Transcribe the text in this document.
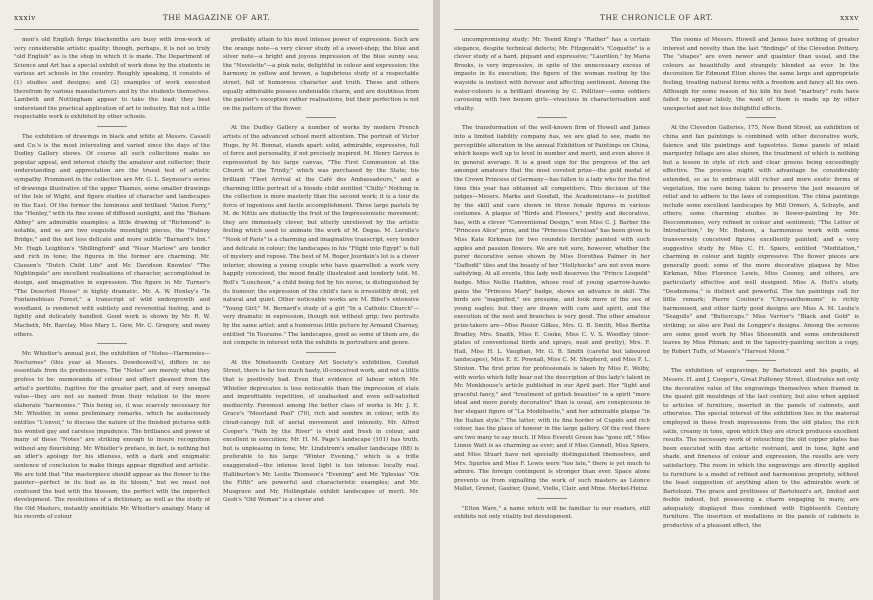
xxxiv	THE MAGAZINE OF ART.

mon's old English forge blacksmiths are busy with iron-work of very considerable artistic quality; though, perhaps, it is not so truly "old English" as is the shop in which it is made. The Department of Science and Art has a special exhibit of work done by the students in various art schools in the country. Roughly speaking, it consists of (1) studies and designs; and (2) examples of work executed therefrom by various manufacturers and by the students themselves. Lambeth and Nottingham appear to take the lead; they best understand the practical application of art to industry. But not a little respectable work is exhibited by other schools.

The exhibition of drawings in black and white at Messrs. Cassell and Co.'s is the most interesting and varied since the days of the Dudley Gallery shows. Of course all such collections make no popular appeal, and interest chiefly the amateur and collector; their understanding and appreciation are the truest test of artistic sympathy. Prominent in the collection are Mr. G. L. Seymour's series of drawings illustrative of the upper Thames, some smaller drawings of the Isle of Wight, and figure studies of character and landscapes in the East. Of the former the luminous and brilliant "Anton Ferry," the "Henley," with its fine scene of diffused sunlight, and the "Bisham Abbey" are admirable examples; a little drawing of "Richmond" is notable, and so are two exquisite moonlight pieces, the "Putney Bridge," and the not less delicate and more subtle "Barnard's Inn." Mr. Hugh Leighton's "Shillingford" and "Near Marlow" are tender and rich in tone; the figures in the former are charming. Mr. Clausen's "Dutch Child Life" and Mr. Davidson Knowles' "The Nightingale" are excellent realisations of character, accomplished in design, and imaginative in expression. The figure in Mr. Turner's "The Deserted House" is highly dramatic. Mr. A. W. Henley's "In Fontainebleau Forest," a transcript of wild undergrowth and woodland, is rendered with subtlety and reverential feeling, and is lightly and delicately handled. Good work is shown by Mr. R. W. Macbeth, Mr. Barclay, Miss Mary L. Gow, Mr. C. Gregory, and many others.

Mr. Whistler's annual jest, the exhibition of "Notes—Harmonies—Nocturnes" (this year at Messrs. Dowdeswell's), differs in no essentials from its predecessors. The "Notes" are merely what they profess to be: memoranda of colour and effect gleaned from the artist's portfolio, fugitive for the greater part, and of very unequal value—they are not so named from their relation to the more elaborate "harmonies." This being so, it was scarcely necessary for Mr. Whistler, in some preliminary remarks, which he audaciously entitles "L'envoi," to discuss the nature of the finished pictures with his wonted gay and careless impudence. The brilliance and power of many of these "Notes" are striking enough to insure recognition without any flourishing. Mr. Whistler's preface, in fact, is nothing but an idler's apology for his idleness, with a dark and enigmatic sentence of conclusion to make things appear dignified and artistic. We are told that "the masterpiece should appear as the flower to the painter—perfect in its bud as in its bloom," but we must not confound the bud with the blossom, the perfect with the imperfect development. The resolutions of a dictionary, as well as the study of the Old Masters, instantly annihilate Mr. Whistler's analogy. Many of his records of colour

probably attain to his most intense power of expression. Such are the orange note—a very clever study of a sweet-shop; the blue and silver note—a bright and joyous impression of the blue sunny sea; the "Novelette"—a pink note, delightful in colour and expression; the harmony in yellow and brown, a lugubrious study of a respectable street, full of humorous character and truth. These and others equally admirable possess undeniable charm, and are doubtless from the painter's exception rather realisations, but their perfection is not on the pattern of the flower.

At the Dudley Gallery a number of works by modern French artists of the advanced school merit attention. The portrait of Victor Hugo, by M. Bonnat, stands apart: solid, admirable, expressive, full of force and personality, if not precisely inspired. M. Henry Gervex is represented by his large canvas, "The First Communion at the Church of the Trinity," which was purchased by the State; his brilliant "Fleet Arrival at the Café des Ambassadeurs," and a charming little portrait of a blonde child entitled "Chilly." Nothing in the collection is more masterly than the second work; it is a tour de force of ingenious and facile accomplishment. Three large pastels by M. de Nittis are distinctly the fruit of the Impressionistic movement; they are immensely clever, but utterly unrelieved by the artistic feeling which used to animate the work of M. Degas. M. Lerolle's "Nook of Paris" is a charming and imaginative transcript, very tender and delicate in colour; the landscapes in his "Flight into Egypt" is full of mystery and repose. The best of M. Roger Jourdain's lot is a clever interior, showing a young couple who have quarrelled: a work very happily conceived, the mood finally illustrated and tenderly told. M. Roll's "Luncheon," a child being fed by his nurse, is distinguished by its humour; the expression of the child's face is irresistibly droll, yet natural and quiet. Other noticeable works are M. Bibel's extensive "Young Girl;" M. Bernard's study of a girl "In a Catholic Church"—very dramatic in expression, though not without grip; two portraits by the same artist; and a humorous little picture by Armand Charnay, entitled "In Touraine." The landscapes, good as some of them are, do not compete in interest with the exhibits in portraiture and genre.

At the Nineteenth Century Art Society's exhibition, Conduit Street, there is far too much hasty, ill-conceived work, and not a little that is positively bad. Even that evidence of labour which Mr. Whistler deprecates is less noticeable than the impression of stale and improfitable repetition, of unabashed and even self-satisfied mediocrity. Foremost among the better class of works is Mr. J. E. Grace's "Moorland Pool" (70), rich and sombre in colour, with its cloud-canopy full of aerial movement and intensity. Mr. Alfred Cooper's "Path by the River" is vivid and fresh in colour, and excellent in execution; Mr. H. M. Page's landscape (101) has truth, but is unpleasing in tone; Mr. Lindstrom's smaller landscape (88) is preferable to his large "Winter Evening," which is a trifle exaggerated—the intense level light is too intense: locally real. Halliburton's Mr. Leslie Thomson's "Evening" and Mr. Yglesias' "On the Fifth" are powerful and characteristic examples; and Mr. Musgrave and Mr. Hollingdale exhibit landscapes of merit. Mr. Gush's "Old Woman" is a clever and

THE CHRONICLE OF ART.	xxxv

uncompromising study; Mr. Yeend King's "Ratherˮ has a certain elegance, despite technical defects; Mr. Fitzgerald's "Coquette" is a clever study of a hard, piquant and expressive; "Laurillon," by Maria Brooks, is very impressive, in spite of the unnecessary excess of impasto in its execution; the figure of the woman resting by the wayside is instinct with fervour and affecting sentiment. Among the water-colours is a brilliant drawing by C. Pollitzer—some soldiers carousing with two buxom girls—vivacious in characterisation and vitality.

The transformation of the well-known firm of Howell and James into a limited liability company has, we are glad to see, made no perceptible alteration in the annual Exhibition of Paintings on China, which keeps well up to level in number and merit, and even above it in general average. It is a good sign for the progress of the art amongst amateurs that the most coveted prize—the gold medal of the Crown Princess of Germany—has fallen to a lady who for the first time this year has obtained all competitors. This decision of the judges—Messrs. Marks and Goodall, the Academicians—is justified by the skill and care shown in three female figures in various costumes. A plaque of "Birds and Flowers," pretty and decorative, has, with a clever "Conventional Design," won Miss C. J. Barber the "Princess Alice" prize, and the "Princess Christian" has been given to Miss Kate Kirkman for two roundels forcibly painted with such apples and passion flowers. We are not sure, however, whether the purer decorative sense shown by Miss Dorothea Palmer in her "Daffodil" tiles and the beauty of her "Hollyhocks" are not even more satisfying. At all events, this lady well deserves the "Prince Leopold" badge. Miss Nellie Haddon, whose roof of young sparrow-hawks gains the "Princess Mary" badge, shows an advance in skill. The birds are "magnified," we presume, and look more of the sex of young eagles; but they are drawn with care and spirit, and the execution of the nest and branches is very good. The other amateur prize-takers are—Miss Rosier Gilkes, Mrs. G. B. Smith, Miss Bertha Bradley, Mrs. Snaith, Miss E. Cooke, Miss C. V. S. Woodley (door-plates of conventional birds and sprays, neat and pretty), Mrs. F. Hall, Miss H. L. Vaughan, Mr. G. B. Smith (careful but laboured landscapes), Miss E. E. Pownall, Miss C. M. Shepherd, and Miss F. L. Stinton. The first prize for professionals is taken by Miss E. Welby, with works which fully bear out the description of this lady's talent in Mr. Monkhouse's article published in our April part. Her "light and graceful fancy," and "treatment of girlish beauties" in a spirit "more ideal and more purely decorative" than is usual, are conspicuous in her elegant figure of "La Modélisette," and her admirable plaque "in the Italian style." The latter, with its fine border of Cupids and rich colour, has the place of honour in the large gallery. Of the rest there are two many to say much. If Miss Everett Green has "gone off," Miss Linnie Watt is as charming as ever; and if Miss Connell, Miss Spiers, and Miss Stuart have not specially distinguished themselves, and Mrs. Spurlos and Miss F. Lewis were "too late," there is yet much to admire. The foreign contingent is stronger than ever. Space alone prevents us from signalling the work of such masters as Léonce Mallet, Grenet, Gautier, Quost, Vielle, Clair, and Mme. Merkel-Heinz.

"Elton Ware," a name which will be familiar to our readers, still exhibits not only vitality but development.

The rooms of Messrs. Howell and James have nothing of greater interest and novelty than the last "findings" of the Clevedon Pottery. The "shapes" are even newer and quainter than usual, and the colours as beautifully and strangely blended as ever. In the decoration Sir Edmund Elton shows the same large and appropriate feeling, treating natural forms with a freedom and fancy all his own. Although for some reason of his kiln his best "marbury" reds have failed to appear lately, the want of them is made up by other unexpected and not less delightful effects.

At the Clevedon Galleries, 175, New Bond Street, an exhibition of china and fan paintings is combined with other decorative work, faience and tile paintings and tapestries. Some panels of inlaid marquetry foliage are also shown, the treatment of which is nothing but a lesson in style of rich and clear greens being exceedingly effective. The process might with advantage be considerably extended, so as to embrace still richer and more exotic forms of vegetation, the care being taken to preserve the just measure of relief and to adhere to the laws of composition. The china paintings include some excellent landscapes by Mill Ormeri, A. Schuyle, and others; some charming studies in flower-painting by Mr. Descommunes, very refined in colour and sentiment; "The Letter of Introduction," by Mr. Bodson, a harmonious work with some transversely conceived figures excellently painted; and a very suggestive study by Miss C. H. Spiers, entitled "Meditation," charming in colour and highly expressive. The flower pieces are generally good; some of the more decorative plaques by Miss Kirkman, Miss Florence Lewis, Miss Cooney, and others, are particularly effective and well designed. Miss A. Holt's study, "Desdemona," is distinct and powerful. The fan paintings call for little remark; Pierre Coutour's "Chrysanthemums" is richly harmonised, and other fairly good designs are Miss A. M. Leslie's "Seagulls" and "Buttercups." Miss Varrier's "Black and Gold" is striking; so also are Paul de Longpre's designs. Among the screens are some good work by Miss Shoesmith and some embroidered leaves by Miss Pitman; and in the tapestry-painting section a copy, by Robert Tuffs, of Mason's "Harvest Moon."

The exhibition of engravings, by Bartolozzi and his pupils, at Messrs. H. and J. Cooper's, Great Pulteney Street, illustrates not only the decorative value of the engravings themselves when framed in the quaint gilt mouldings of the last century, but also when applied to articles of furniture, inserted in the panels of cabinets, and otherwise. The special interest of the exhibition lies in the material employed in these fresh impressions from the old plates; the rich satin, creamy in tone, upon which they are struck produces excellent results. The necessary work of retouching the old copper plates has been executed with due artistic restraint, and in tone, light and shade, and fineness of colour and expression, the results are very satisfactory. The room in which the engravings are directly applied to furniture is a model of refined and harmonious propriety, without the least suggestion of anything alien to the admirable work of Bartolozzi. The grace and prettiness of Bartolozzi's art, limited and feeble indeed, but possessing a charm engaging to many, are adequately displayed thus combined with Eighteenth Century furniture. The insertion of medallions in the panels of cabinets is productive of a pleasant effect, the
